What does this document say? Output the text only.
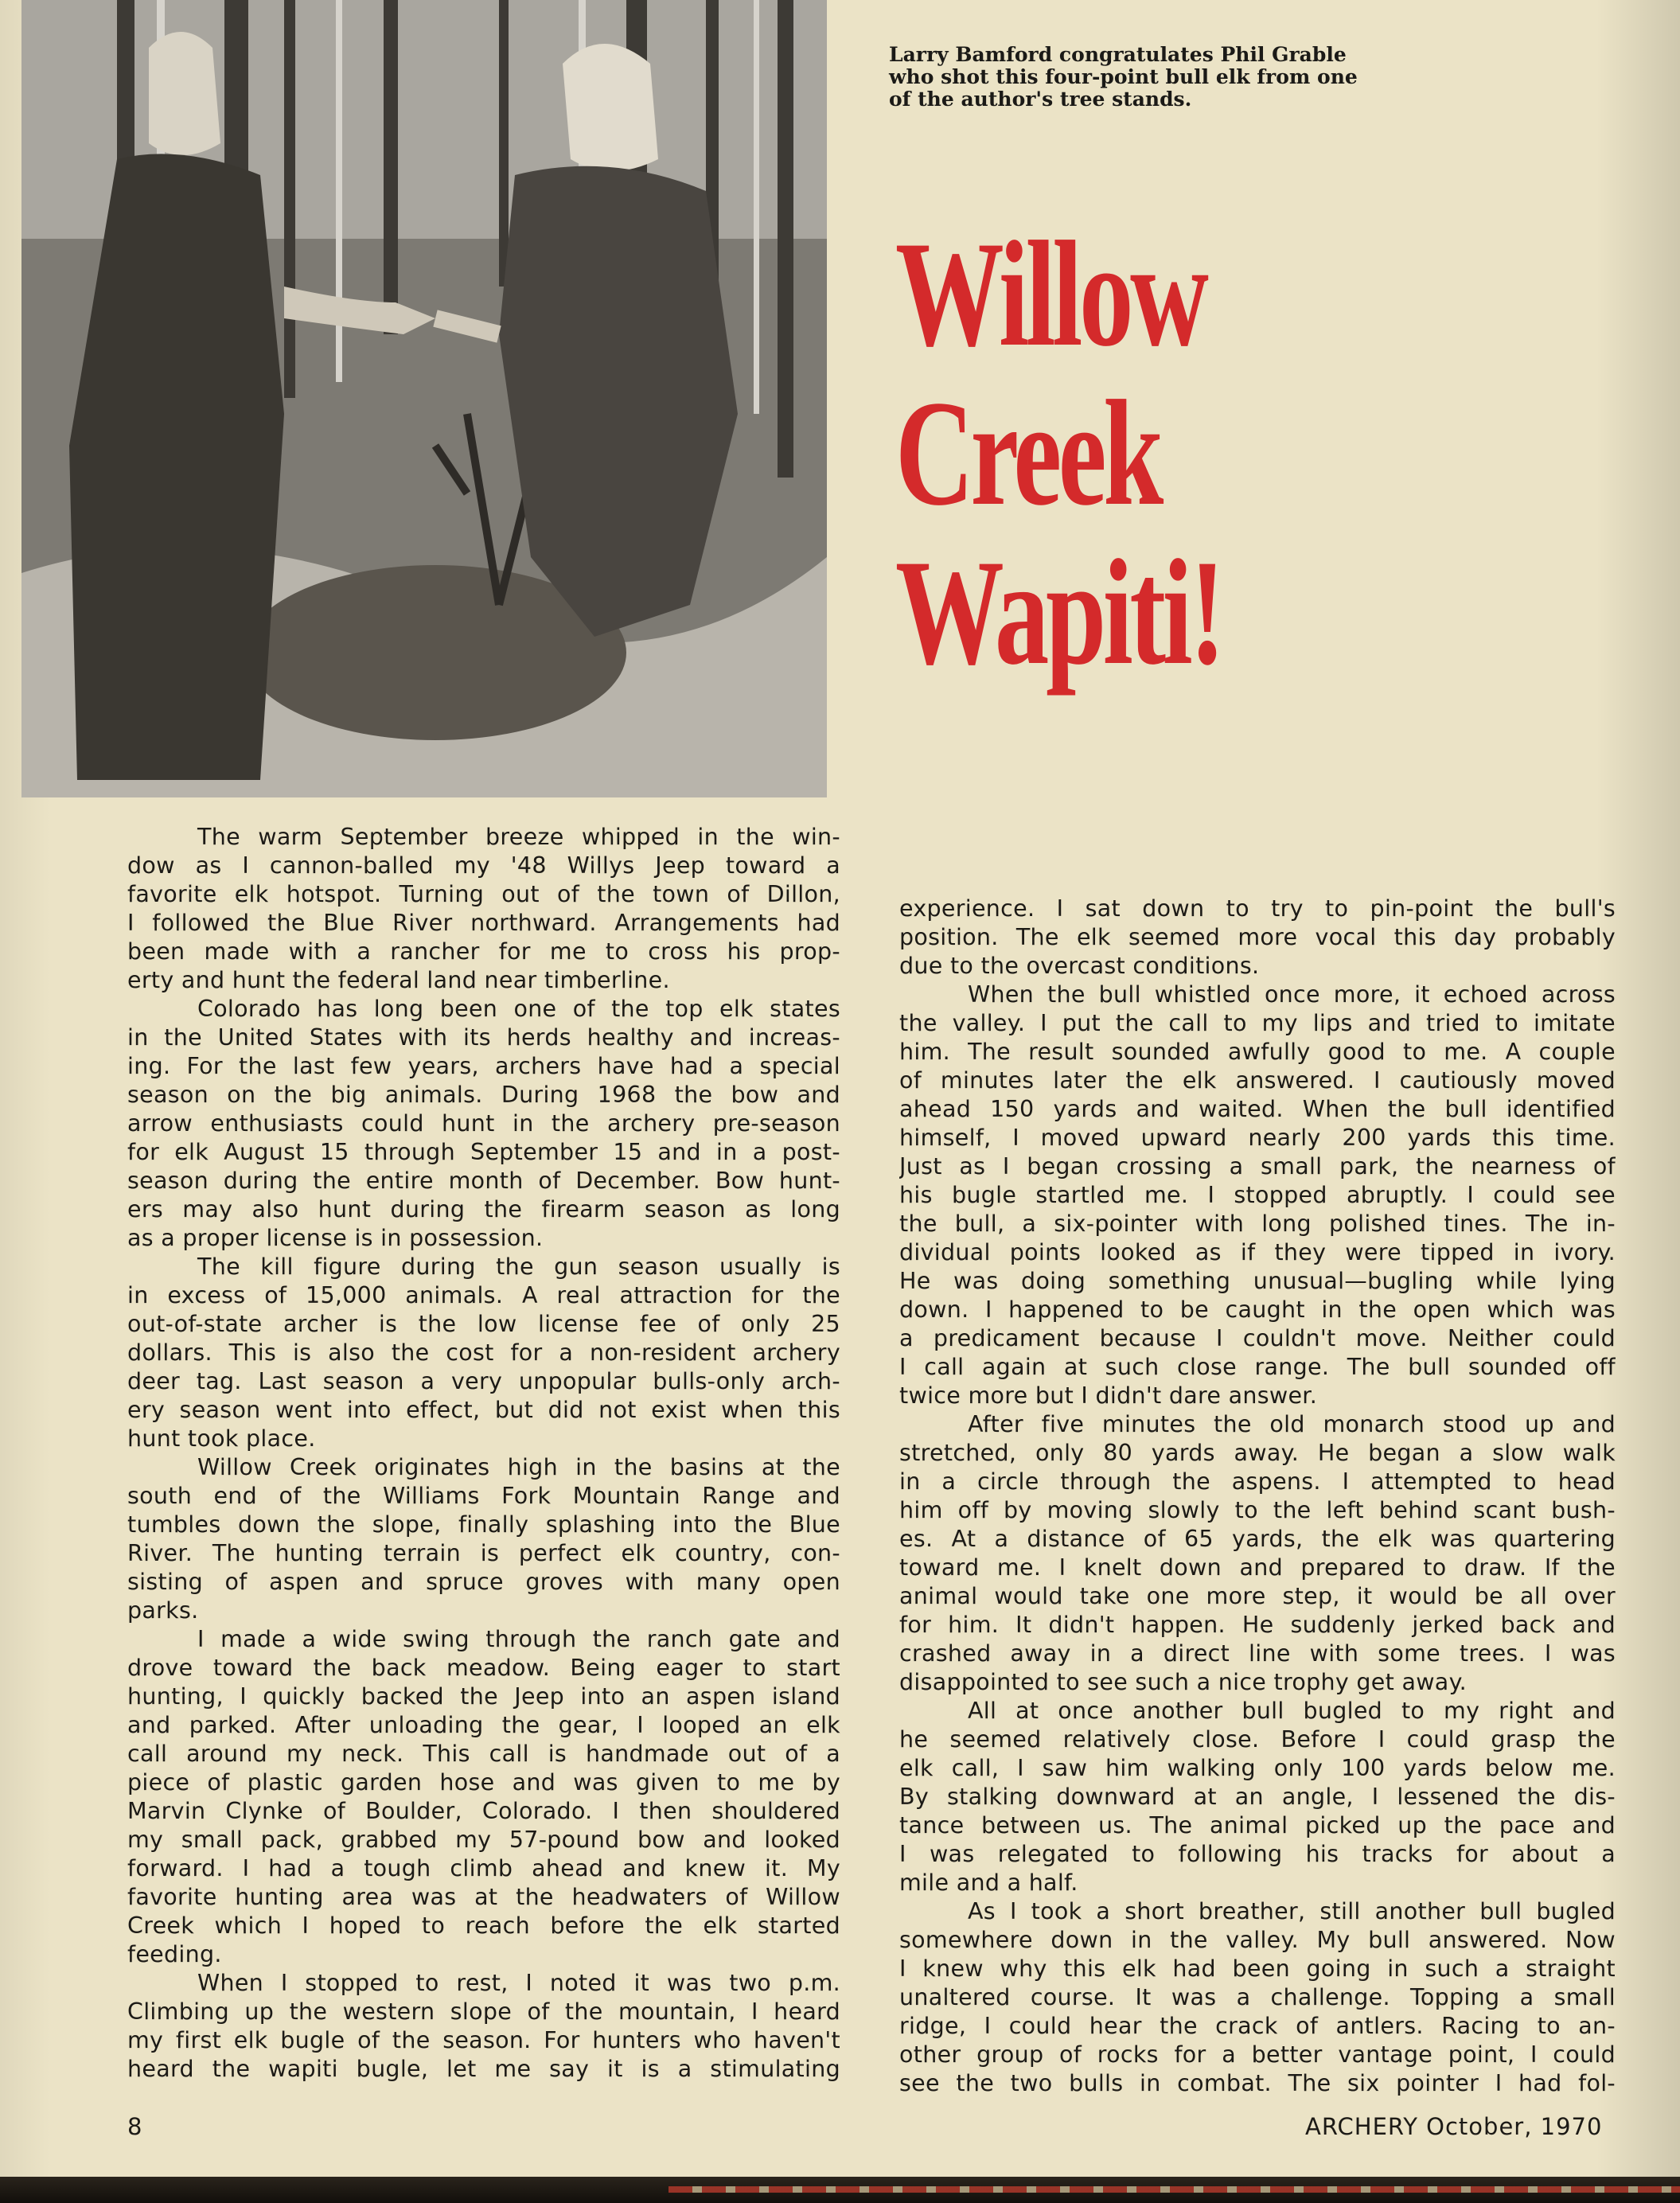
Larry Bamford congratulates Phil Grable
who shot this four-point bull elk from one
of the author's tree stands.

Willow
Creek
Wapiti!
The warm September breeze whipped in the win-
dow as I cannon-balled my '48 Willys Jeep toward a
favorite elk hotspot. Turning out of the town of Dillon,
I followed the Blue River northward. Arrangements had
been made with a rancher for me to cross his prop-
erty and hunt the federal land near timberline.
Colorado has long been one of the top elk states
in the United States with its herds healthy and increas-
ing. For the last few years, archers have had a special
season on the big animals. During 1968 the bow and
arrow enthusiasts could hunt in the archery pre-season
for elk August 15 through September 15 and in a post-
season during the entire month of December. Bow hunt-
ers may also hunt during the firearm season as long
as a proper license is in possession.
The kill figure during the gun season usually is
in excess of 15,000 animals. A real attraction for the
out-of-state archer is the low license fee of only 25
dollars. This is also the cost for a non-resident archery
deer tag. Last season a very unpopular bulls-only arch-
ery season went into effect, but did not exist when this
hunt took place.
Willow Creek originates high in the basins at the
south end of the Williams Fork Mountain Range and
tumbles down the slope, finally splashing into the Blue
River. The hunting terrain is perfect elk country, con-
sisting of aspen and spruce groves with many open
parks.
I made a wide swing through the ranch gate and
drove toward the back meadow. Being eager to start
hunting, I quickly backed the Jeep into an aspen island
and parked. After unloading the gear, I looped an elk
call around my neck. This call is handmade out of a
piece of plastic garden hose and was given to me by
Marvin Clynke of Boulder, Colorado. I then shouldered
my small pack, grabbed my 57-pound bow and looked
forward. I had a tough climb ahead and knew it. My
favorite hunting area was at the headwaters of Willow
Creek which I hoped to reach before the elk started
feeding.
When I stopped to rest, I noted it was two p.m.
Climbing up the western slope of the mountain, I heard
my first elk bugle of the season. For hunters who haven't
heard the wapiti bugle, let me say it is a stimulating
experience. I sat down to try to pin-point the bull's
position. The elk seemed more vocal this day probably
due to the overcast conditions.
When the bull whistled once more, it echoed across
the valley. I put the call to my lips and tried to imitate
him. The result sounded awfully good to me. A couple
of minutes later the elk answered. I cautiously moved
ahead 150 yards and waited. When the bull identified
himself, I moved upward nearly 200 yards this time.
Just as I began crossing a small park, the nearness of
his bugle startled me. I stopped abruptly. I could see
the bull, a six-pointer with long polished tines. The in-
dividual points looked as if they were tipped in ivory.
He was doing something unusual—bugling while lying
down. I happened to be caught in the open which was
a predicament because I couldn't move. Neither could
I call again at such close range. The bull sounded off
twice more but I didn't dare answer.
After five minutes the old monarch stood up and
stretched, only 80 yards away. He began a slow walk
in a circle through the aspens. I attempted to head
him off by moving slowly to the left behind scant bush-
es. At a distance of 65 yards, the elk was quartering
toward me. I knelt down and prepared to draw. If the
animal would take one more step, it would be all over
for him. It didn't happen. He suddenly jerked back and
crashed away in a direct line with some trees. I was
disappointed to see such a nice trophy get away.
All at once another bull bugled to my right and
he seemed relatively close. Before I could grasp the
elk call, I saw him walking only 100 yards below me.
By stalking downward at an angle, I lessened the dis-
tance between us. The animal picked up the pace and
I was relegated to following his tracks for about a
mile and a half.
As I took a short breather, still another bull bugled
somewhere down in the valley. My bull answered. Now
I knew why this elk had been going in such a straight
unaltered course. It was a challenge. Topping a small
ridge, I could hear the crack of antlers. Racing to an-
other group of rocks for a better vantage point, I could
see the two bulls in combat. The six pointer I had fol-

8	ARCHERY October, 1970
